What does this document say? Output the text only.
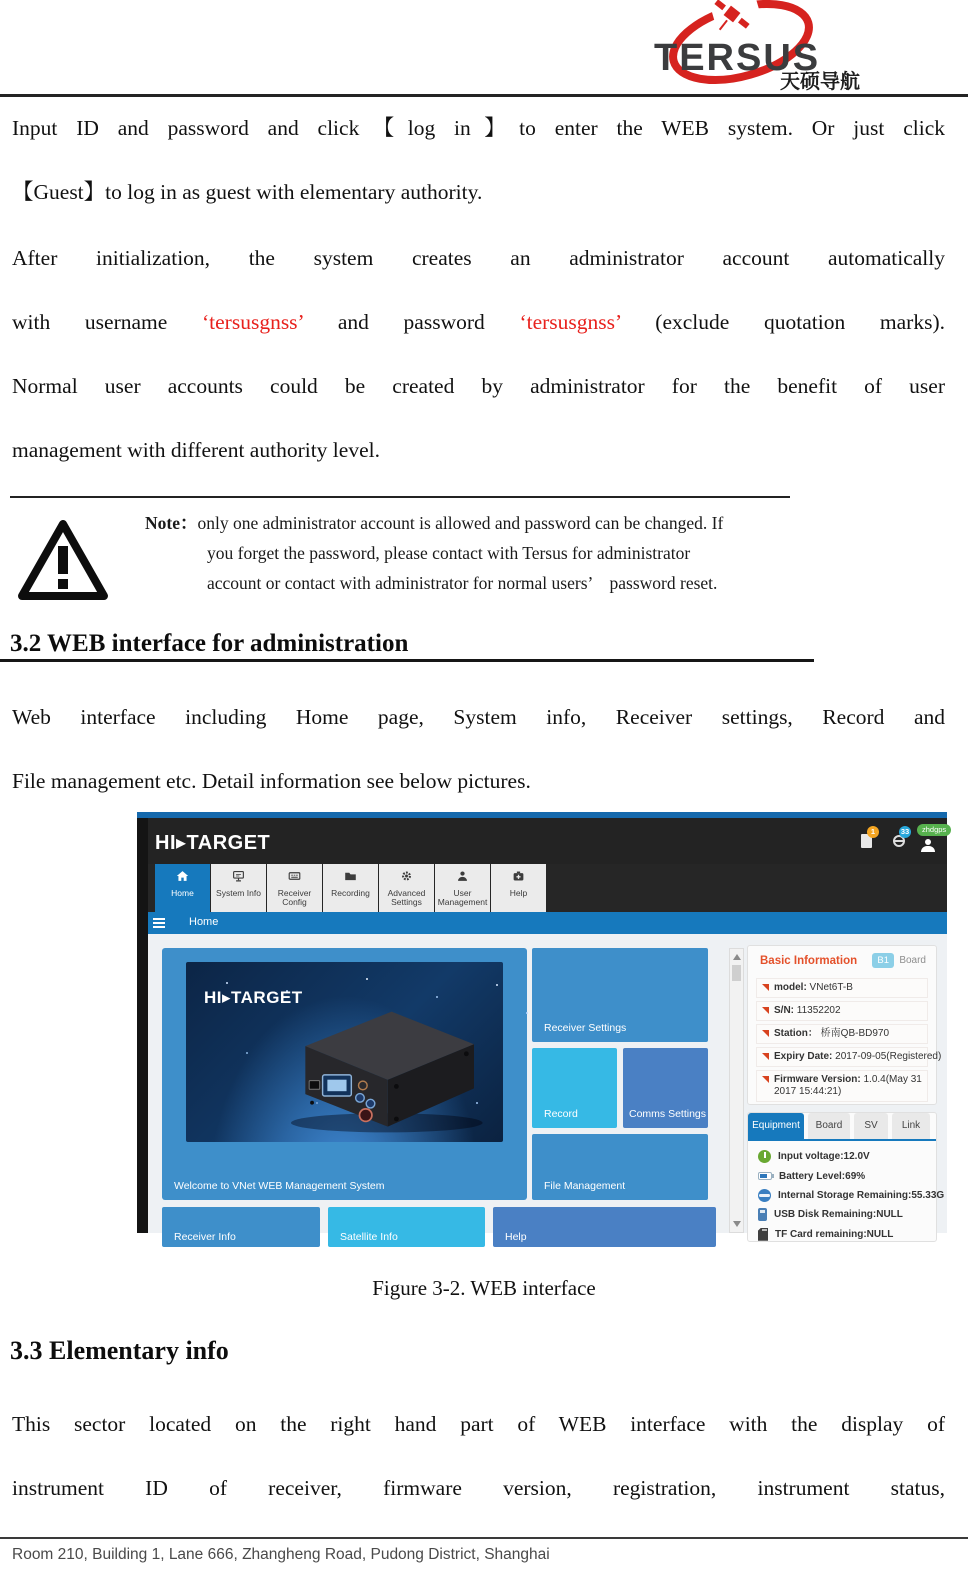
TERSUS
天硕导航
Input ID and password and click【log in】to enter the WEB system. Or just click
【Guest】to log in as guest with elementary authority.
After initialization, the system creates an administrator account automatically
with username ‘tersusgnss’ and password ‘tersusgnss’ (exclude quotation marks).
Normal user accounts could be created by administrator for the benefit of user
management with different authority level.
Note：only one administrator account is allowed and password can be changed. If
you forget the password, please contact with Tersus for administrator
account or contact with administrator for normal users’　password reset.
3.2 WEB interface for administration
Web interface including Home page, System info, Receiver settings, Record and
File management etc. Detail information see below pictures.
HI▸TARGET
1	33	zhdgps
Home	System Info	Receiver Config
Recording	Advanced Settings
User Management
Help
Home
HI▸TARGET
Welcome to VNet WEB Management System
Receiver Settings
Record	Comms Settings
File Management
Receiver Info	Satellite Info	Help
Basic Information	B1	Board
model: VNet6T-B
S/N: 11352202
Station： 桥南QB-BD970
Expiry Date: 2017-09-05(Registered)
Firmware Version: 1.0.4(May 31 2017 15:44:21)
Equipment	Board	SV	Link
Input voltage:12.0V
Battery Level:69%
Internal Storage Remaining:55.33G
USB Disk Remaining:NULL
TF Card remaining:NULL
Figure 3-2. WEB interface
3.3 Elementary info
This sector located on the right hand part of WEB interface with the display of
instrument ID of receiver, firmware version, registration, instrument status,
Room 210, Building 1, Lane 666, Zhangheng Road, Pudong District, Shanghai
